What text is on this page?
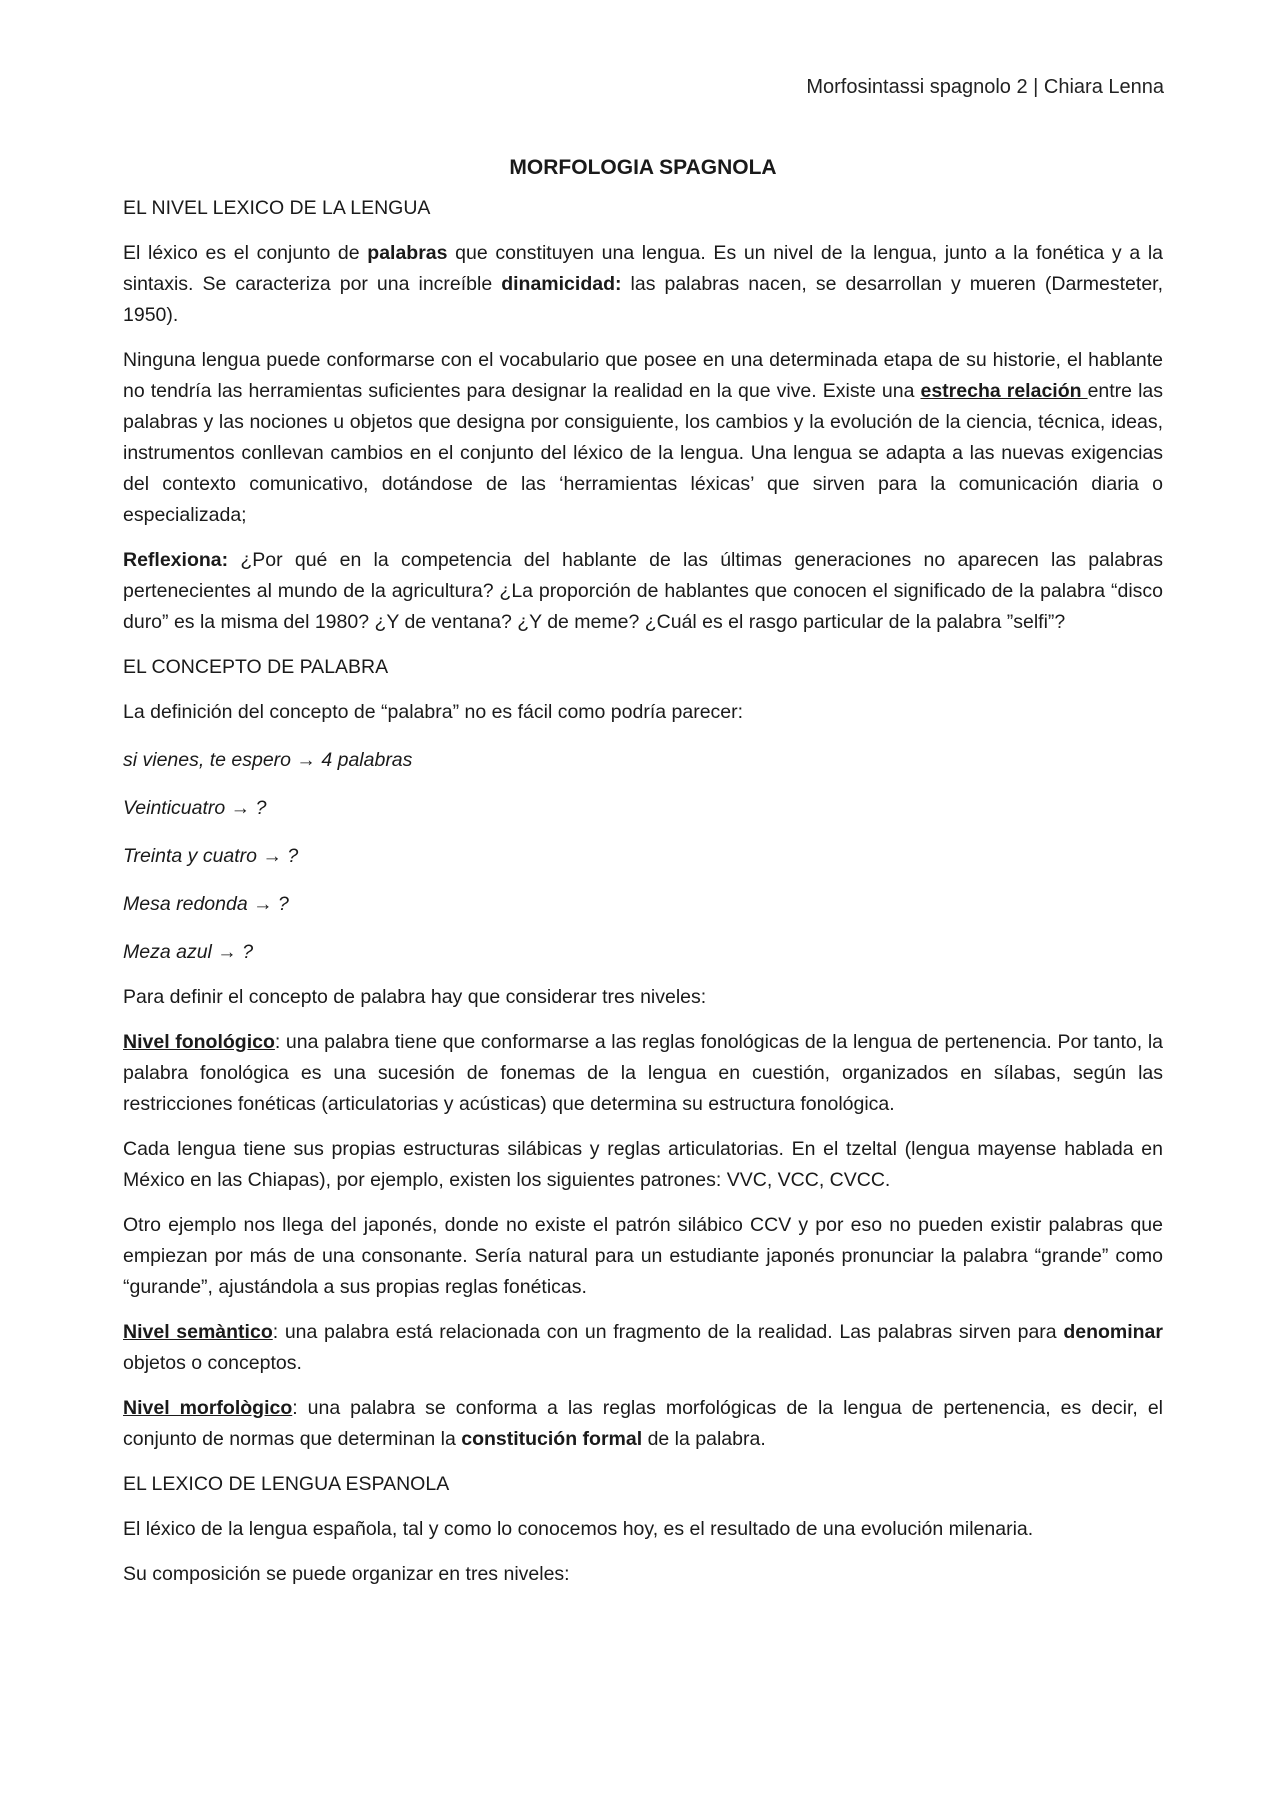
Morfosintassi spagnolo 2 | Chiara Lenna
MORFOLOGIA SPAGNOLA
EL NIVEL LEXICO DE LA LENGUA

El léxico es el conjunto de palabras que constituyen una lengua. Es un nivel de la lengua, junto a la fonética y a la sintaxis. Se caracteriza por una increíble dinamicidad: las palabras nacen, se desarrollan y mueren (Darmesteter, 1950).

Ninguna lengua puede conformarse con el vocabulario que posee en una determinada etapa de su historie, el hablante no tendría las herramientas suficientes para designar la realidad en la que vive. Existe una estrecha relación entre las palabras y las nociones u objetos que designa por consiguiente, los cambios y la evolución de la ciencia, técnica, ideas, instrumentos conllevan cambios en el conjunto del léxico de la lengua. Una lengua se adapta a las nuevas exigencias del contexto comunicativo, dotándose de las ‘herramientas léxicas’ que sirven para la comunicación diaria o especializada;

Reflexiona: ¿Por qué en la competencia del hablante de las últimas generaciones no aparecen las palabras pertenecientes al mundo de la agricultura? ¿La proporción de hablantes que conocen el significado de la palabra “disco duro” es la misma del 1980? ¿Y de ventana? ¿Y de meme? ¿Cuál es el rasgo particular de la palabra ”selfi”?

EL CONCEPTO DE PALABRA

La definición del concepto de “palabra” no es fácil como podría parecer:

si vienes, te espero → 4 palabras
Veinticuatro → ?
Treinta y cuatro → ?
Mesa redonda → ?
Meza azul → ?

Para definir el concepto de palabra hay que considerar tres niveles:

Nivel fonológico: una palabra tiene que conformarse a las reglas fonológicas de la lengua de pertenencia. Por tanto, la palabra fonológica es una sucesión de fonemas de la lengua en cuestión, organizados en sílabas, según las restricciones fonéticas (articulatorias y acústicas) que determina su estructura fonológica.

Cada lengua tiene sus propias estructuras silábicas y reglas articulatorias. En el tzeltal (lengua mayense hablada en México en las Chiapas), por ejemplo, existen los siguientes patrones: VVC, VCC, CVCC.

Otro ejemplo nos llega del japonés, donde no existe el patrón silábico CCV y por eso no pueden existir palabras que empiezan por más de una consonante. Sería natural para un estudiante japonés pronunciar la palabra “grande” como “gurande”, ajustándola a sus propias reglas fonéticas.

Nivel semàntico: una palabra está relacionada con un fragmento de la realidad. Las palabras sirven para denominar objetos o conceptos.

Nivel morfològico: una palabra se conforma a las reglas morfológicas de la lengua de pertenencia, es decir, el conjunto de normas que determinan la constitución formal de la palabra.

EL LEXICO DE LENGUA ESPANOLA

El léxico de la lengua española, tal y como lo conocemos hoy, es el resultado de una evolución milenaria.

Su composición se puede organizar en tres niveles:
